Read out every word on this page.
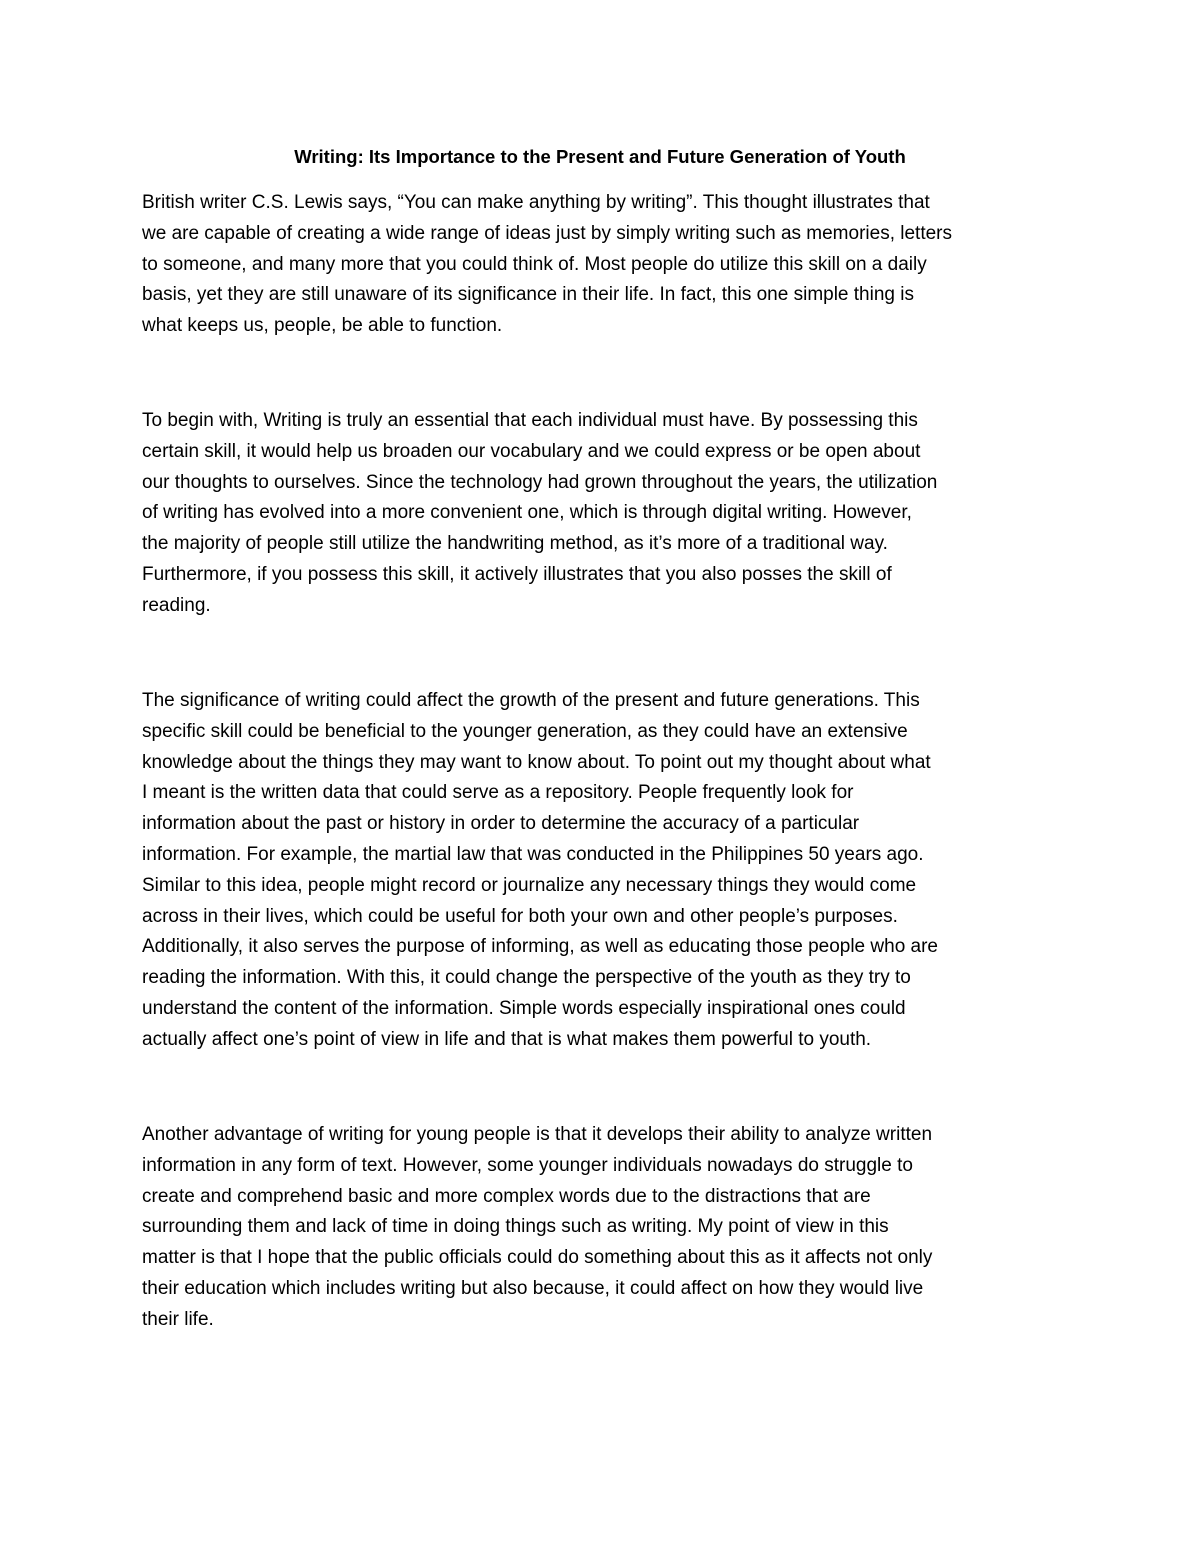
Writing: Its Importance to the Present and Future Generation of Youth

British writer C.S. Lewis says, “You can make anything by writing”. This thought illustrates that
we are capable of creating a wide range of ideas just by simply writing such as memories, letters
to someone, and many more that you could think of. Most people do utilize this skill on a daily
basis, yet they are still unaware of its significance in their life. In fact, this one simple thing is
what keeps us, people, be able to function.

To begin with, Writing is truly an essential that each individual must have. By possessing this
certain skill, it would help us broaden our vocabulary and we could express or be open about
our thoughts to ourselves. Since the technology had grown throughout the years, the utilization
of writing has evolved into a more convenient one, which is through digital writing. However,
the majority of people still utilize the handwriting method, as it’s more of a traditional way.
Furthermore, if you possess this skill, it actively illustrates that you also posses the skill of
reading.

The significance of writing could affect the growth of the present and future generations. This
specific skill could be beneficial to the younger generation, as they could have an extensive
knowledge about the things they may want to know about. To point out my thought about what
I meant is the written data that could serve as a repository. People frequently look for
information about the past or history in order to determine the accuracy of a particular
information. For example, the martial law that was conducted in the Philippines 50 years ago.
Similar to this idea, people might record or journalize any necessary things they would come
across in their lives, which could be useful for both your own and other people’s purposes.
Additionally, it also serves the purpose of informing, as well as educating those people who are
reading the information. With this, it could change the perspective of the youth as they try to
understand the content of the information. Simple words especially inspirational ones could
actually affect one’s point of view in life and that is what makes them powerful to youth.

Another advantage of writing for young people is that it develops their ability to analyze written
information in any form of text. However, some younger individuals nowadays do struggle to
create and comprehend basic and more complex words due to the distractions that are
surrounding them and lack of time in doing things such as writing. My point of view in this
matter is that I hope that the public officials could do something about this as it affects not only
their education which includes writing but also because, it could affect on how they would live
their life.
